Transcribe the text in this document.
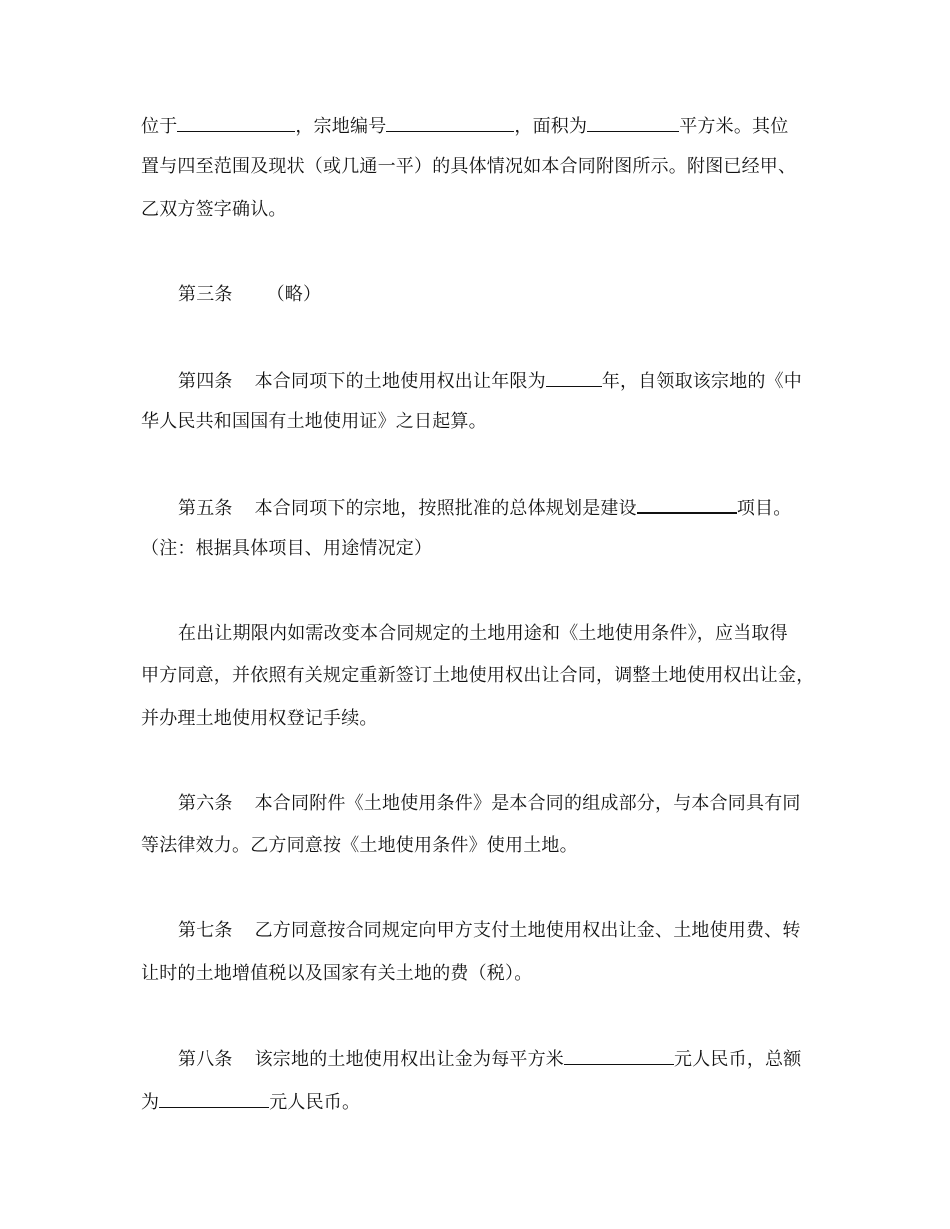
位于	，宗地编号	，面积为	平方米。其位
置与四至范围及现状（或几通一平）的具体情况如本合同附图所示。附图已经甲、
乙双方签字确认。
第三条 （略）
第四条 本合同项下的土地使用权出让年限为	年，自领取该宗地的《中
华人民共和国国有土地使用证》之日起算。
第五条 本合同项下的宗地，按照批准的总体规划是建设	项目。
（注：根据具体项目、用途情况定）
在出让期限内如需改变本合同规定的土地用途和《土地使用条件》，应当取得
甲方同意，并依照有关规定重新签订土地使用权出让合同，调整土地使用权出让金，
并办理土地使用权登记手续。
第六条 本合同附件《土地使用条件》是本合同的组成部分，与本合同具有同
等法律效力。乙方同意按《土地使用条件》使用土地。
第七条 乙方同意按合同规定向甲方支付土地使用权出让金、土地使用费、转
让时的土地增值税以及国家有关土地的费（税）。
第八条 该宗地的土地使用权出让金为每平方米	元人民币，总额
为	元人民币。
